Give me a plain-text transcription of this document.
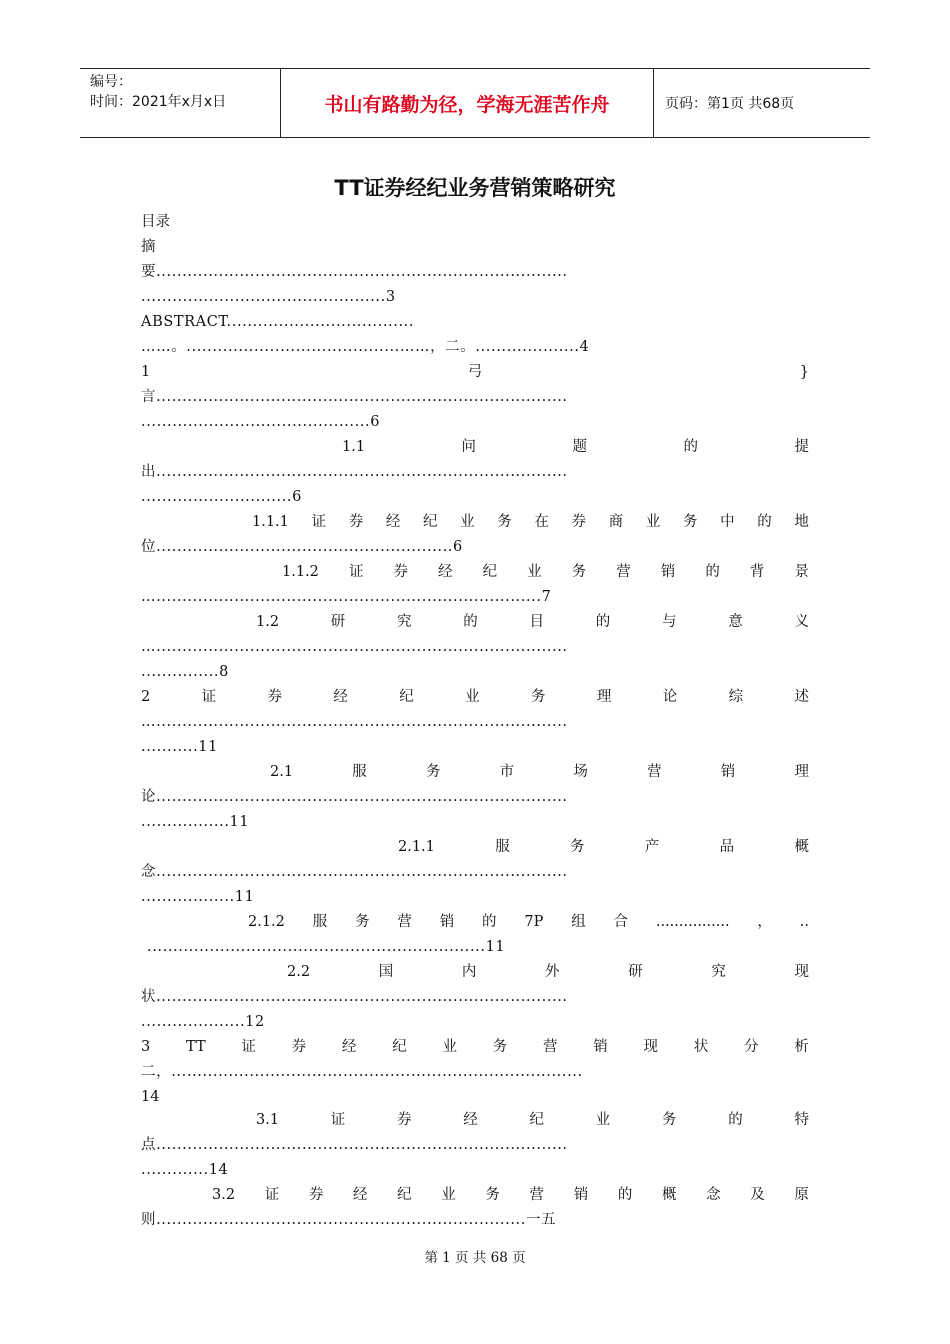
编号：
时间：2021年x月x日	书山有路勤为径，学海无涯苦作舟	页码：第1页 共68页
TT证券经纪业务营销策略研究
目录
摘
要...............................................................................
...............................................3
ABSTRACT....................................
……。.........................................……，二。....................4
1	弓	}
言...............................................................................
............................................6
1.1	问	题	的	提
出...............................................................................
.............................6
1.1.1 证 券 经 纪 业 务 在 券 商 业 务 中 的 地
位.........................................................6
1.1.2 证 券 经 纪 业 务 营 销 的 背 景
…..........................................................................7
1.2	研	究	的	目	的	与	意	义
…...............................................................................
...............8
2	证	券	经	纪	业	务	理	论	综	述
…...............................................................................
...........11
2.1	服	务	市	场	营	销	理
论...............................................................................
.................11
2.1.1	服	务	产	品	概
念...............................................................................
..................11
2.1.2 服 务 营 销 的 7P 组 合 ................ ， ..
.................................................................11
2.2	国	内	外	研	究	现
状...............................................................................
....................12
3 TT 证 券 经 纪 业 务 营 销 现 状 分 析
二，...............................................................................
14
3.1	证	券	经	纪	业	务	的	特
点...............................................................................
.............14
3.2 证 券 经 纪 业 务 营 销 的 概 念 及 原
则.......................................................................一五
第 1 页 共 68 页
